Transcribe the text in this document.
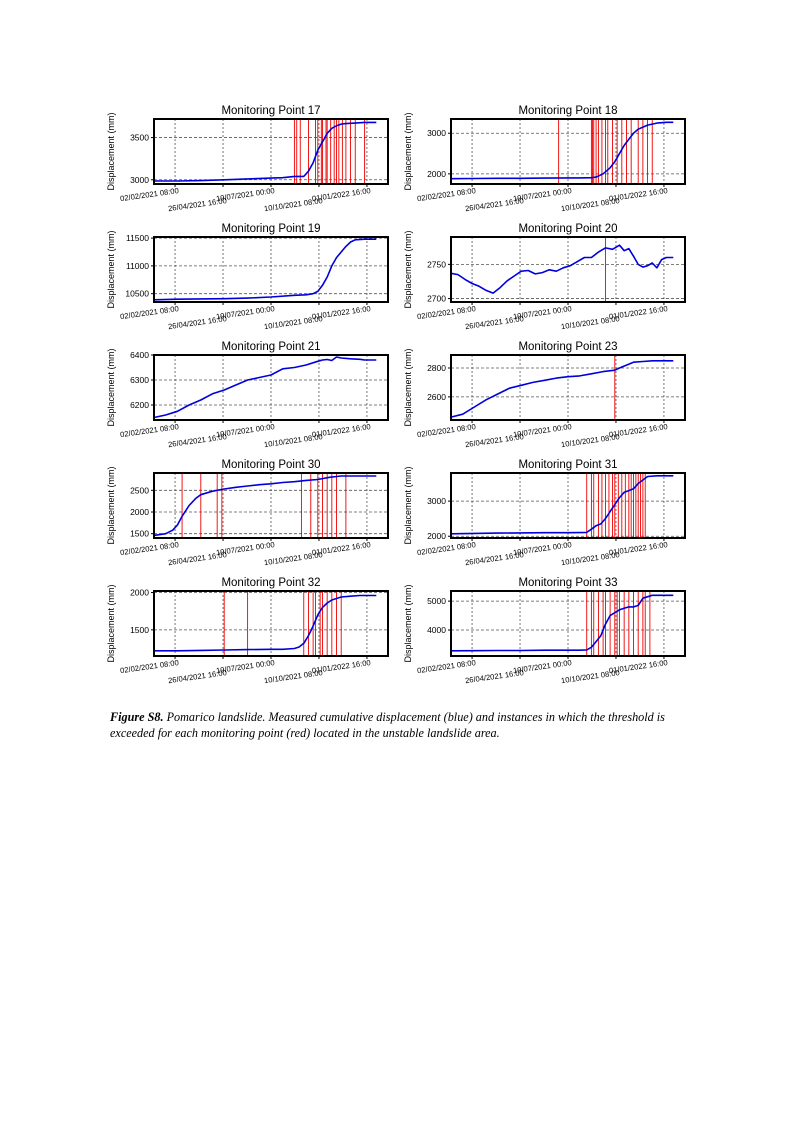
3000
3500
Monitoring Point 17
Displacement (mm)
02/02/2021 08:00
26/04/2021 16:00
19/07/2021 00:00
10/10/2021 08:00
01/01/2022 16:00
2000
3000
Monitoring Point 18
Displacement (mm)
02/02/2021 08:00
26/04/2021 16:00
19/07/2021 00:00
10/10/2021 08:00
01/01/2022 16:00
10500
11000
11500
Monitoring Point 19
Displacement (mm)
02/02/2021 08:00
26/04/2021 16:00
19/07/2021 00:00
10/10/2021 08:00
01/01/2022 16:00
2700
2750
Monitoring Point 20
Displacement (mm)
02/02/2021 08:00
26/04/2021 16:00
19/07/2021 00:00
10/10/2021 08:00
01/01/2022 16:00
6200
6300
6400
Monitoring Point 21
Displacement (mm)
02/02/2021 08:00
26/04/2021 16:00
19/07/2021 00:00
10/10/2021 08:00
01/01/2022 16:00
2600
2800
Monitoring Point 23
Displacement (mm)
02/02/2021 08:00
26/04/2021 16:00
19/07/2021 00:00
10/10/2021 08:00
01/01/2022 16:00
1500
2000
2500
Monitoring Point 30
Displacement (mm)
02/02/2021 08:00
26/04/2021 16:00
19/07/2021 00:00
10/10/2021 08:00
01/01/2022 16:00
2000
3000
Monitoring Point 31
Displacement (mm)
02/02/2021 08:00
26/04/2021 16:00
19/07/2021 00:00
10/10/2021 08:00
01/01/2022 16:00
1500
2000
Monitoring Point 32
Displacement (mm)
02/02/2021 08:00
26/04/2021 16:00
19/07/2021 00:00
10/10/2021 08:00
01/01/2022 16:00
4000
5000
Monitoring Point 33
Displacement (mm)
02/02/2021 08:00
26/04/2021 16:00
19/07/2021 00:00
10/10/2021 08:00
01/01/2022 16:00
Figure S8. Pomarico landslide. Measured cumulative displacement (blue) and instances in which the threshold is exceeded for each monitoring point (red) located in the unstable landslide area.
